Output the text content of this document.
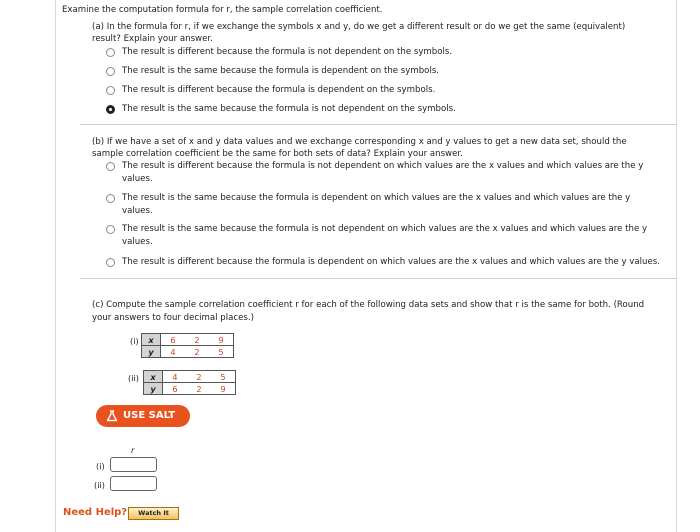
Examine the computation formula for r, the sample correlation coefficient.
(a) In the formula for r, if we exchange the symbols x and y, do we get a different result or do we get the same (equivalent)
result? Explain your answer.
The result is different because the formula is not dependent on the symbols.
The result is the same because the formula is dependent on the symbols.
The result is different because the formula is dependent on the symbols.
The result is the same because the formula is not dependent on the symbols.
(b) If we have a set of x and y data values and we exchange corresponding x and y values to get a new data set, should the
sample correlation coefficient be the same for both sets of data? Explain your answer.
The result is different because the formula is not dependent on which values are the x values and which values are the y
values.
The result is the same because the formula is dependent on which values are the x values and which values are the y
values.
The result is the same because the formula is not dependent on which values are the x values and which values are the y
values.
The result is different because the formula is dependent on which values are the x values and which values are the y values.
(c) Compute the sample correlation coefficient r for each of the following data sets and show that r is the same for both. (Round
your answers to four decimal places.)
(i) x	6	2	9
y	4	2	5
(ii) x	4	2	5
y	6	2	9
USE SALT
r
(i)
(ii)
Need Help?	Watch It
